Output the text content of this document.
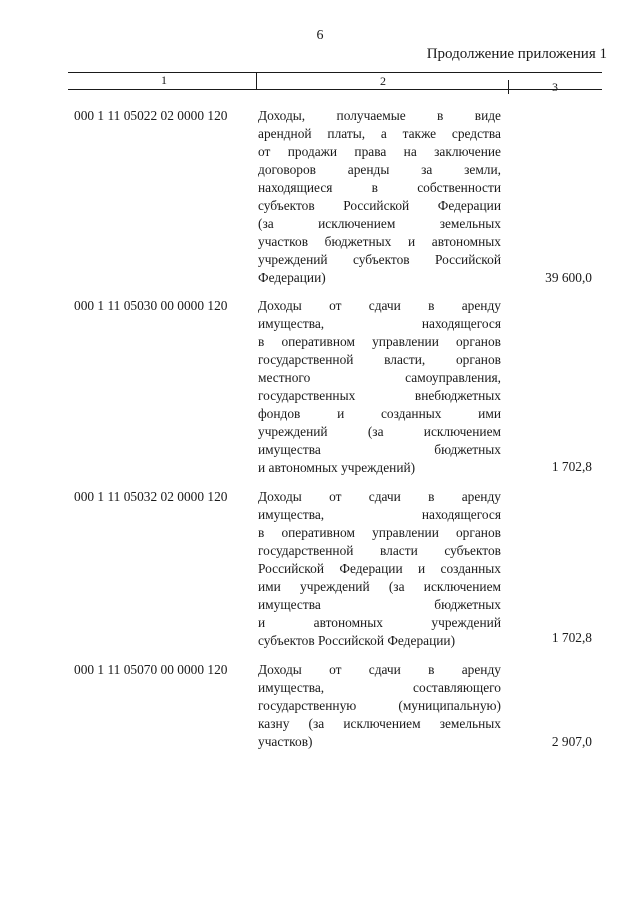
6
Продолжение приложения 1
1	2	3
000 1 11 05022 02 0000 120 Доходы, получаемые в виде
арендной платы, а также средства
от продажи права на заключение
договоров аренды за земли,
находящиеся в собственности
субъектов Российской Федерации
(за исключением земельных
участков бюджетных и автономных
учреждений субъектов Российской
Федерации)	39 600,0
000 1 11 05030 00 0000 120 Доходы от сдачи в аренду
имущества, находящегося
в оперативном управлении органов
государственной власти, органов
местного самоуправления,
государственных внебюджетных
фондов и созданных ими
учреждений (за исключением
имущества бюджетных
и автономных учреждений)	1 702,8
000 1 11 05032 02 0000 120 Доходы от сдачи в аренду
имущества, находящегося
в оперативном управлении органов
государственной власти субъектов
Российской Федерации и созданных
ими учреждений (за исключением
имущества бюджетных
и автономных учреждений
субъектов Российской Федерации)	1 702,8
000 1 11 05070 00 0000 120 Доходы от сдачи в аренду
имущества, составляющего
государственную (муниципальную)
казну (за исключением земельных
участков)	2 907,0
